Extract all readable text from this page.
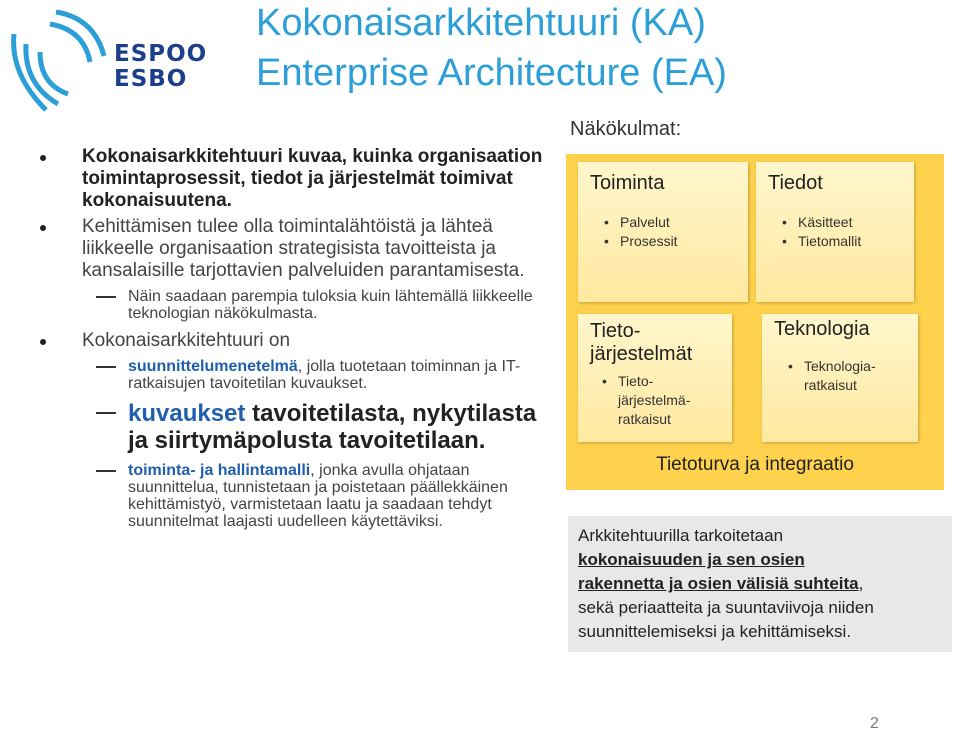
ESPOO
ESBO
Kokonaisarkkitehtuuri (KA)
Enterprise Architecture (EA)
Kokonaisarkkitehtuuri kuvaa, kuinka organisaation toimintaprosessit, tiedot ja järjestelmät toimivat kokonaisuutena.
Kehittämisen tulee olla toimintalähtöistä ja lähteä liikkeelle organisaation strategisista tavoitteista ja kansalaisille tarjottavien palveluiden parantamisesta.
Näin saadaan parempia tuloksia kuin lähtemällä liikkeelle teknologian näkökulmasta.
Kokonaisarkkitehtuuri on
suunnittelumenetelmä, jolla tuotetaan toiminnan ja IT-ratkaisujen tavoitetilan kuvaukset.
kuvaukset tavoitetilasta, nykytilasta ja siirtymäpolusta tavoitetilaan.
toiminta- ja hallintamalli, jonka avulla ohjataan suunnittelua, tunnistetaan ja poistetaan päällekkäinen kehittämistyö, varmistetaan laatu ja saadaan tehdyt suunnitelmat laajasti uudelleen käytettäviksi.
Näkökulmat:
Toiminta
• Palvelut
• Prosessit
Tiedot
• Käsitteet
• Tietomallit
Tieto-
järjestelmät
• Tieto-
järjestelmä-
ratkaisut
Teknologia
• Teknologia-
ratkaisut
Tietoturva ja integraatio
Arkkitehtuurilla tarkoitetaan
kokonaisuuden ja sen osien
rakennetta ja osien välisiä suhteita,
sekä periaatteita ja suuntaviivoja niiden
suunnittelemiseksi ja kehittämiseksi.
2
